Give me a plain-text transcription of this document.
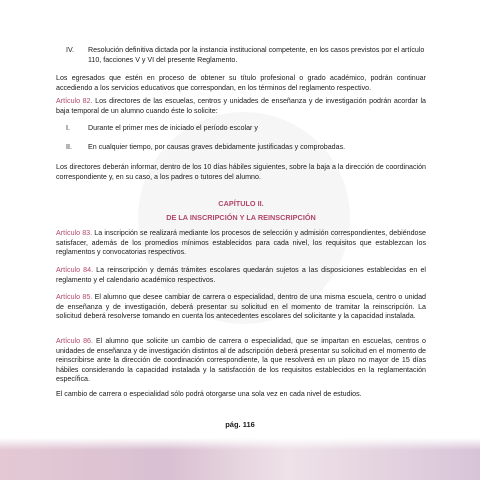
IV.	Resolución definitiva dictada por la instancia institucional competente, en los casos previstos por el artículo 110, facciones V y VI del presente Reglamento.

Los egresados que estén en proceso de obtener su título profesional o grado académico, podrán continuar accediendo a los servicios educativos que correspondan, en los términos del reglamento respectivo.

Artículo 82. Los directores de las escuelas, centros y unidades de enseñanza y de investigación podrán acordar la baja temporal de un alumno cuando éste lo solicite:

I.	Durante el primer mes de iniciado el período escolar y
II.	En cualquier tiempo, por causas graves debidamente justificadas y comprobadas.

Los directores deberán informar, dentro de los 10 días hábiles siguientes, sobre la baja a la dirección de coordinación correspondiente y, en su caso, a los padres o tutores del alumno.

CAPÍTULO II.
DE LA INSCRIPCIÓN Y LA REINSCRIPCIÓN

Artículo 83. La inscripción se realizará mediante los procesos de selección y admisión correspondientes, debiéndose satisfacer, además de los promedios mínimos establecidos para cada nivel, los requisitos que establezcan los reglamentos y convocatorias respectivos.

Artículo 84. La reinscripción y demás trámites escolares quedarán sujetos a las disposiciones establecidas en el reglamento y el calendario académico respectivos.

Artículo 85. El alumno que desee cambiar de carrera o especialidad, dentro de una misma escuela, centro o unidad de enseñanza y de investigación, deberá presentar su solicitud en el momento de tramitar la reinscripción. La solicitud deberá resolverse tomando en cuenta los antecedentes escolares del solicitante y la capacidad instalada.

Artículo 86. El alumno que solicite un cambio de carrera o especialidad, que se impartan en escuelas, centros o unidades de enseñanza y de investigación distintos al de adscripción deberá presentar su solicitud en el momento de reinscribirse ante la dirección de coordinación correspondiente, la que resolverá en un plazo no mayor de 15 días hábiles considerando la capacidad instalada y la satisfacción de los requisitos establecidos en la reglamentación específica.

El cambio de carrera o especialidad sólo podrá otorgarse una sola vez en cada nivel de estudios.

pág. 116
